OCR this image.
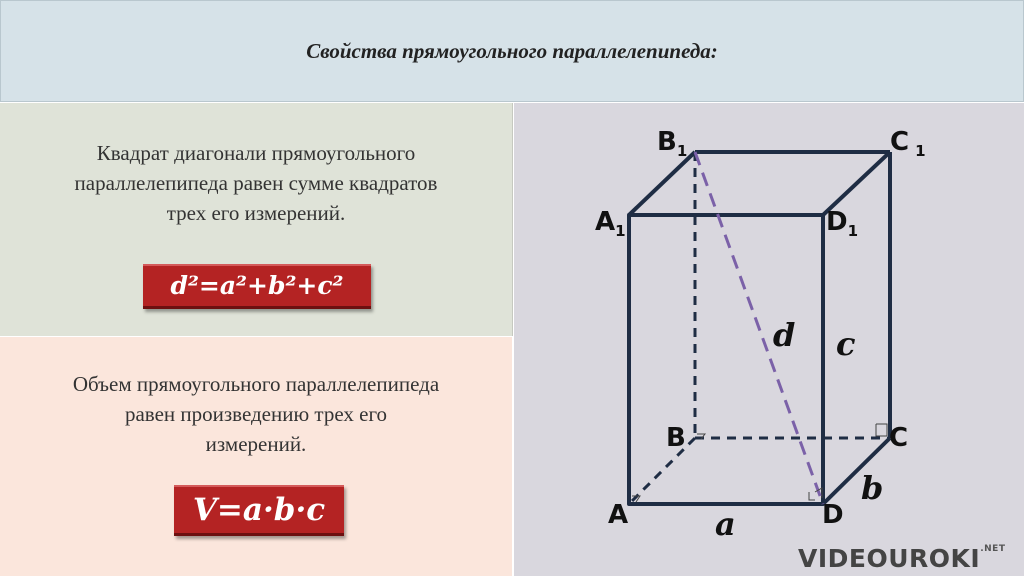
Свойства прямоугольного параллелепипеда:
Квадрат диагонали прямоугольного
параллелепипеда равен сумме квадратов
трех его измерений.
d²=a²+b²+c²
Объем прямоугольного параллелепипеда
равен произведению трех его
измерений.
V=a·b·c
$B_1$	C $_1$
$A_1$	$D_1$
B	C
A	D
d c
b
a
$VIDEOUROKI^{.NET}$
